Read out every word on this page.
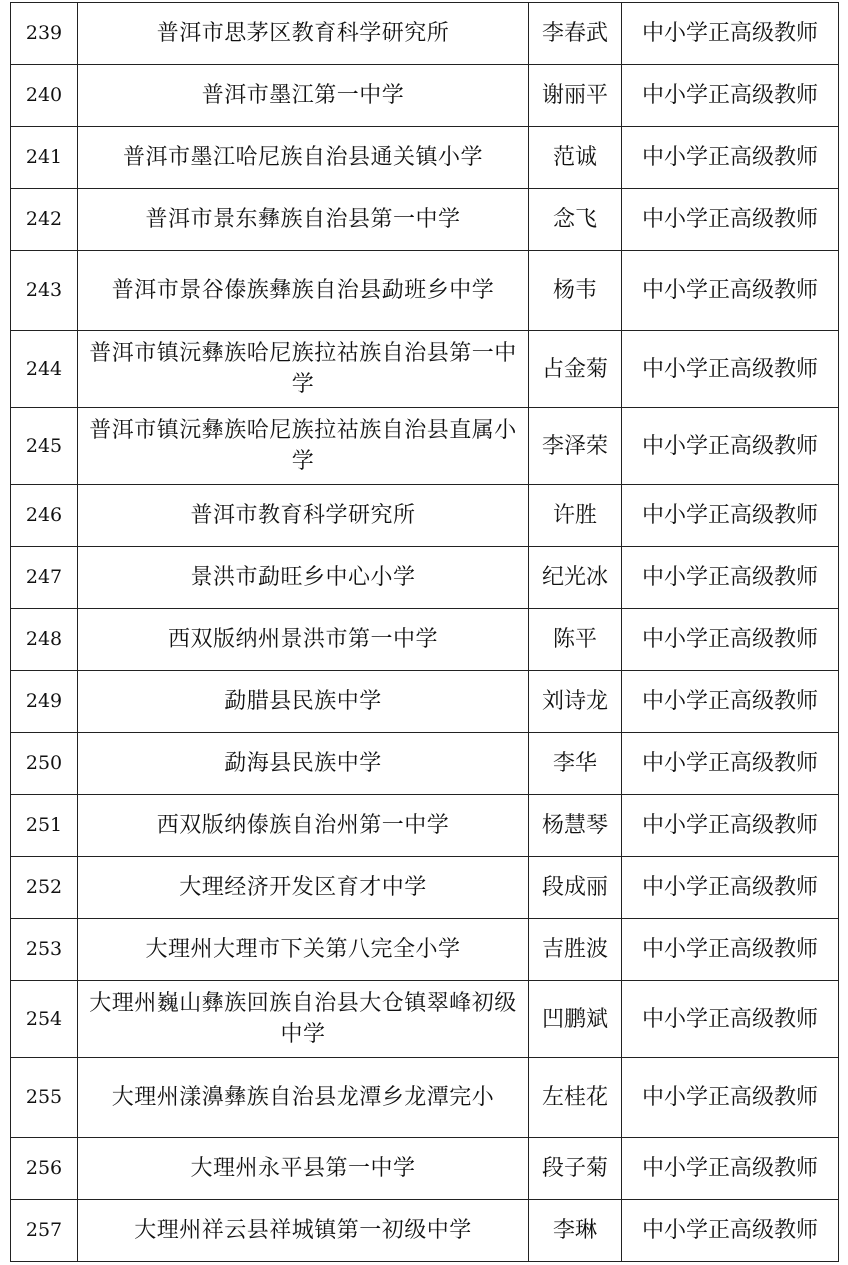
239	普洱市思茅区教育科学研究所	李春武	中小学正高级教师
240	普洱市墨江第一中学	谢丽平	中小学正高级教师
241	普洱市墨江哈尼族自治县通关镇小学	范诚	中小学正高级教师
242	普洱市景东彝族自治县第一中学	念飞	中小学正高级教师
243	普洱市景谷傣族彝族自治县勐班乡中学	杨韦	中小学正高级教师
244	普洱市镇沅彝族哈尼族拉祜族自治县第一中学	占金菊	中小学正高级教师
245	普洱市镇沅彝族哈尼族拉祜族自治县直属小学	李泽荣	中小学正高级教师
246	普洱市教育科学研究所	许胜	中小学正高级教师
247	景洪市勐旺乡中心小学	纪光冰	中小学正高级教师
248	西双版纳州景洪市第一中学	陈平	中小学正高级教师
249	勐腊县民族中学	刘诗龙	中小学正高级教师
250	勐海县民族中学	李华	中小学正高级教师
251	西双版纳傣族自治州第一中学	杨慧琴	中小学正高级教师
252	大理经济开发区育才中学	段成丽	中小学正高级教师
253	大理州大理市下关第八完全小学	吉胜波	中小学正高级教师
254	大理州巍山彝族回族自治县大仓镇翠峰初级中学	凹鹏斌	中小学正高级教师
255	大理州漾濞彝族自治县龙潭乡龙潭完小	左桂花	中小学正高级教师
256	大理州永平县第一中学	段子菊	中小学正高级教师
257	大理州祥云县祥城镇第一初级中学	李琳	中小学正高级教师
